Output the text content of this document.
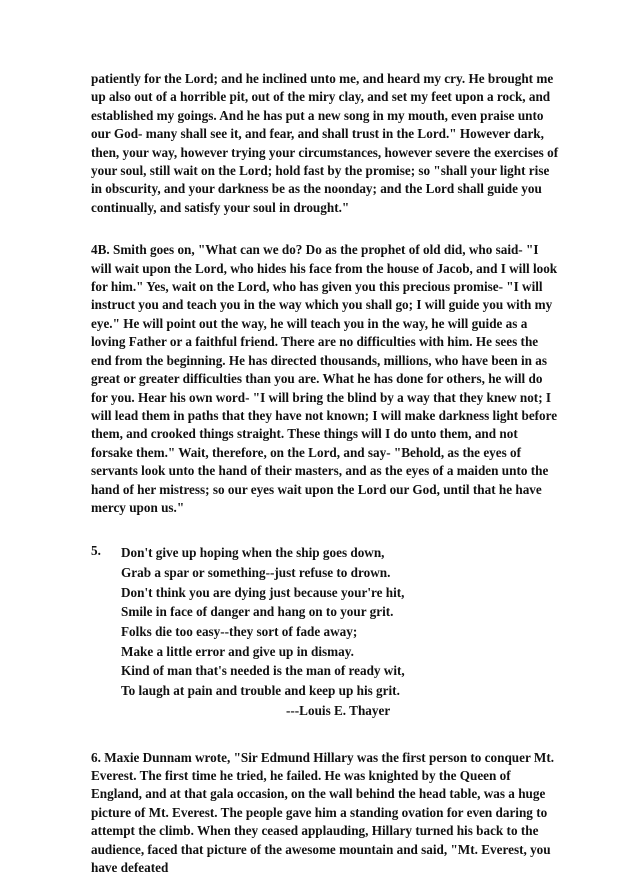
patiently for the Lord; and he inclined unto me, and heard my cry. He brought me up also out of a horrible pit, out of the miry clay, and set my feet upon a rock, and established my goings. And he has put a new song in my mouth, even praise unto our God- many shall see it, and fear, and shall trust in the Lord." However dark, then, your way, however trying your circumstances, however severe the exercises of your soul, still wait on the Lord; hold fast by the promise; so "shall your light rise in obscurity, and your darkness be as the noonday; and the Lord shall guide you continually, and satisfy your soul in drought."

4B. Smith goes on, "What can we do? Do as the prophet of old did, who said- "I will wait upon the Lord, who hides his face from the house of Jacob, and I will look for him." Yes, wait on the Lord, who has given you this precious promise- "I will instruct you and teach you in the way which you shall go; I will guide you with my eye." He will point out the way, he will teach you in the way, he will guide as a loving Father or a faithful friend. There are no difficulties with him. He sees the end from the beginning. He has directed thousands, millions, who have been in as great or greater difficulties than you are. What he has done for others, he will do for you. Hear his own word- "I will bring the blind by a way that they knew not; I will lead them in paths that they have not known; I will make darkness light before them, and crooked things straight. These things will I do unto them, and not forsake them." Wait, therefore, on the Lord, and say- "Behold, as the eyes of servants look unto the hand of their masters, and as the eyes of a maiden unto the hand of her mistress; so our eyes wait upon the Lord our God, until that he have mercy upon us."

5. Don't give up hoping when the ship goes down,
Grab a spar or something--just refuse to drown.
Don't think you are dying just because your're hit,
Smile in face of danger and hang on to your grit.
Folks die too easy--they sort of fade away;
Make a little error and give up in dismay.
Kind of man that's needed is the man of ready wit,
To laugh at pain and trouble and keep up his grit.
---Louis E. Thayer

6. Maxie Dunnam wrote, "Sir Edmund Hillary was the first person to conquer Mt. Everest. The first time he tried, he failed. He was knighted by the Queen of England, and at that gala occasion, on the wall behind the head table, was a huge picture of Mt. Everest. The people gave him a standing ovation for even daring to attempt the climb. When they ceased applauding, Hillary turned his back to the audience, faced that picture of the awesome mountain and said, "Mt. Everest, you have defeated
